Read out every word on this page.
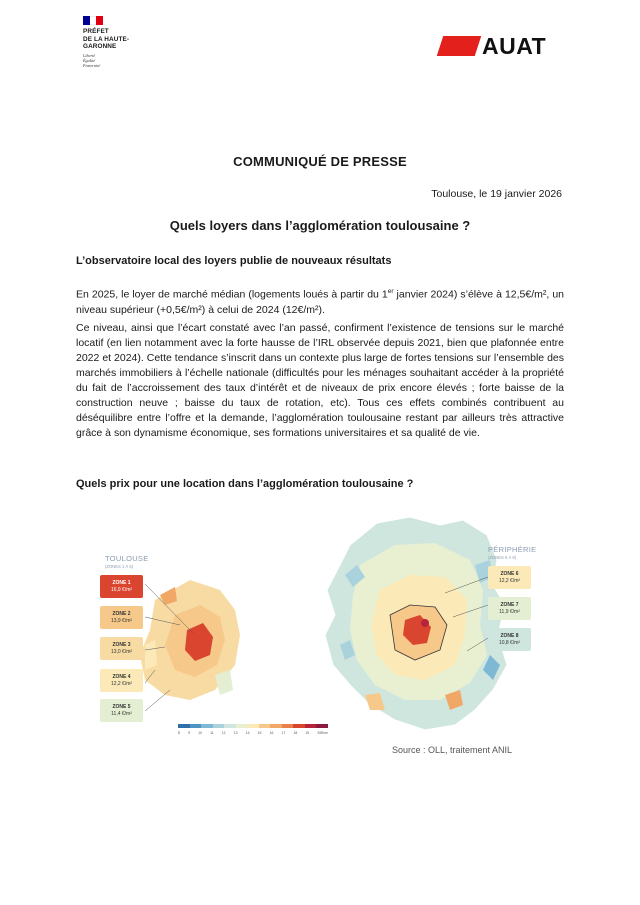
PRÉFET
DE LA HAUTE-
GARONNE
Liberté
Égalité
Fraternité
AUAT
COMMUNIQUÉ DE PRESSE
Toulouse, le 19 janvier 2026
Quels loyers dans l’agglomération toulousaine ?
L’observatoire local des loyers publie de nouveaux résultats
En 2025, le loyer de marché médian (logements loués à partir du 1er janvier 2024) s’élève à 12,5€/m², un niveau supérieur (+0,5€/m²) à celui de 2024 (12€/m²).
Ce niveau, ainsi que l’écart constaté avec l’an passé, confirment l’existence de tensions sur le marché locatif (en lien notamment avec la forte hausse de l’IRL observée depuis 2021, bien que plafonnée entre 2022 et 2024). Cette tendance s’inscrit dans un contexte plus large de fortes tensions sur l’ensemble des marchés immobiliers à l’échelle nationale (difficultés pour les ménages souhaitant accéder à la propriété du fait de l’accroissement des taux d’intérêt et de niveaux de prix encore élevés ; forte baisse de la construction neuve ; baisse du taux de rotation, etc). Tous ces effets combinés contribuent au déséquilibre entre l’offre et la demande, l’agglomération toulousaine restant par ailleurs très attractive grâce à son dynamisme économique, ses formations universitaires et sa qualité de vie.
Quels prix pour une location dans l’agglomération toulousaine ?
TOULOUSE
(ZONES 1 À 5)
PÉRIPHÉRIE
(ZONES 6 À 8)
ZONE 1
16,9 €/m²
ZONE 2
13,9 €/m²
ZONE 3
13,0 €/m²
ZONE 4
12,2 €/m²
ZONE 5
11,4 €/m²
ZONE 6
12,2 €/m²
ZONE 7
11,9 €/m²
ZONE 8
10,8 €/m²
8 9 10 11 12 13 14 15 16 17 18 19 20€/m²
Source : OLL, traitement ANIL
